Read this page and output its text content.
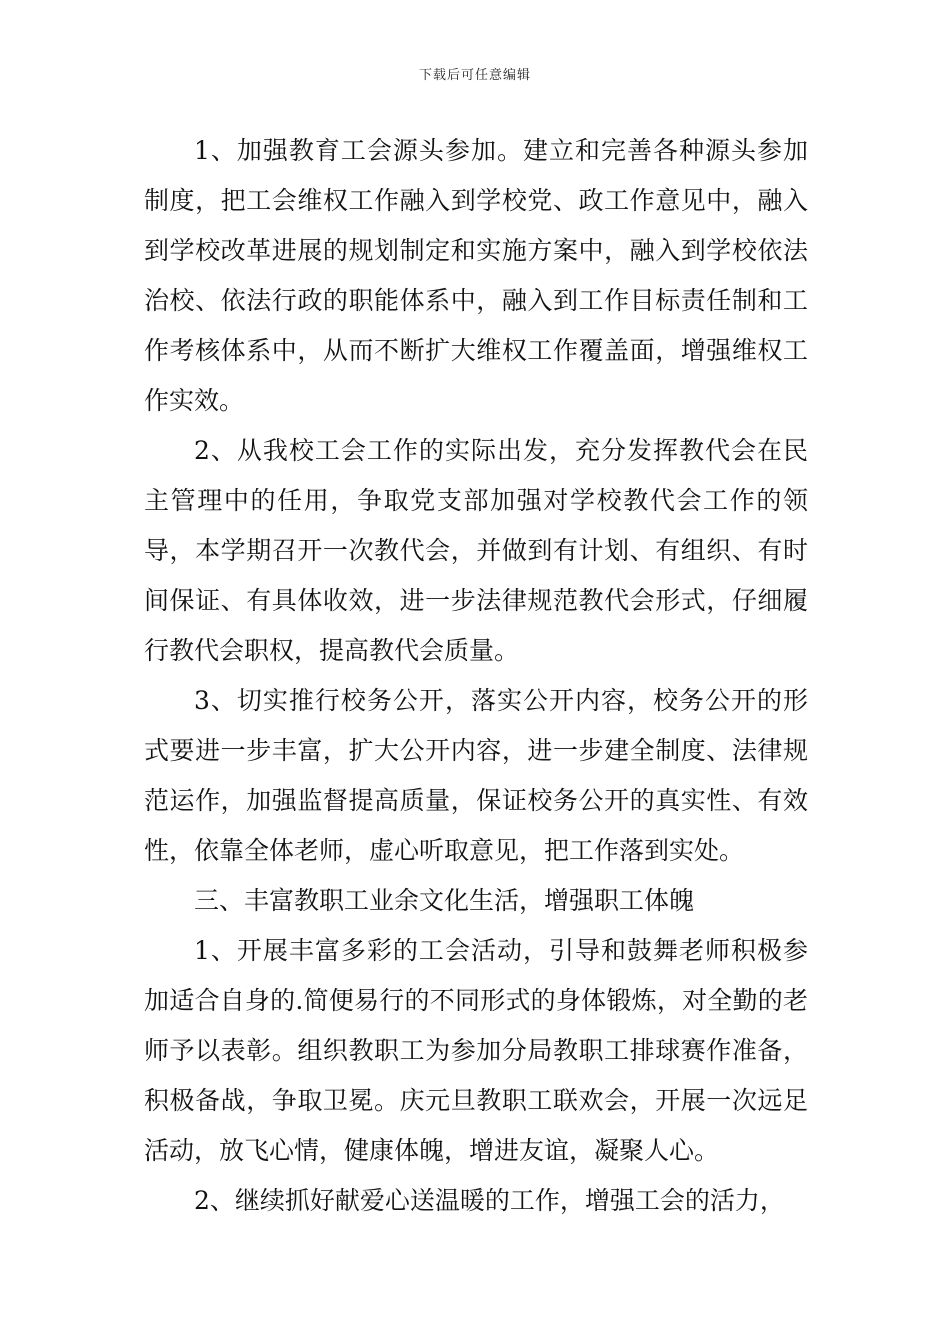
下载后可任意编辑

1、加强教育工会源头参加。建立和完善各种源头参加制度，把工会维权工作融入到学校党、政工作意见中，融入到学校改革进展的规划制定和实施方案中，融入到学校依法治校、依法行政的职能体系中，融入到工作目标责任制和工作考核体系中，从而不断扩大维权工作覆盖面，增强维权工作实效。

2、从我校工会工作的实际出发，充分发挥教代会在民主管理中的任用，争取党支部加强对学校教代会工作的领导，本学期召开一次教代会，并做到有计划、有组织、有时间保证、有具体收效，进一步法律规范教代会形式，仔细履行教代会职权，提高教代会质量。

3、切实推行校务公开，落实公开内容，校务公开的形式要进一步丰富，扩大公开内容，进一步建全制度、法律规范运作，加强监督提高质量，保证校务公开的真实性、有效性，依靠全体老师，虚心听取意见，把工作落到实处。

三、丰富教职工业余文化生活，增强职工体魄

1、开展丰富多彩的工会活动，引导和鼓舞老师积极参加适合自身的.简便易行的不同形式的身体锻炼，对全勤的老师予以表彰。组织教职工为参加分局教职工排球赛作准备，积极备战，争取卫冕。庆元旦教职工联欢会，开展一次远足活动，放飞心情，健康体魄，增进友谊，凝聚人心。

2、继续抓好献爱心送温暖的工作，增强工会的活力，
